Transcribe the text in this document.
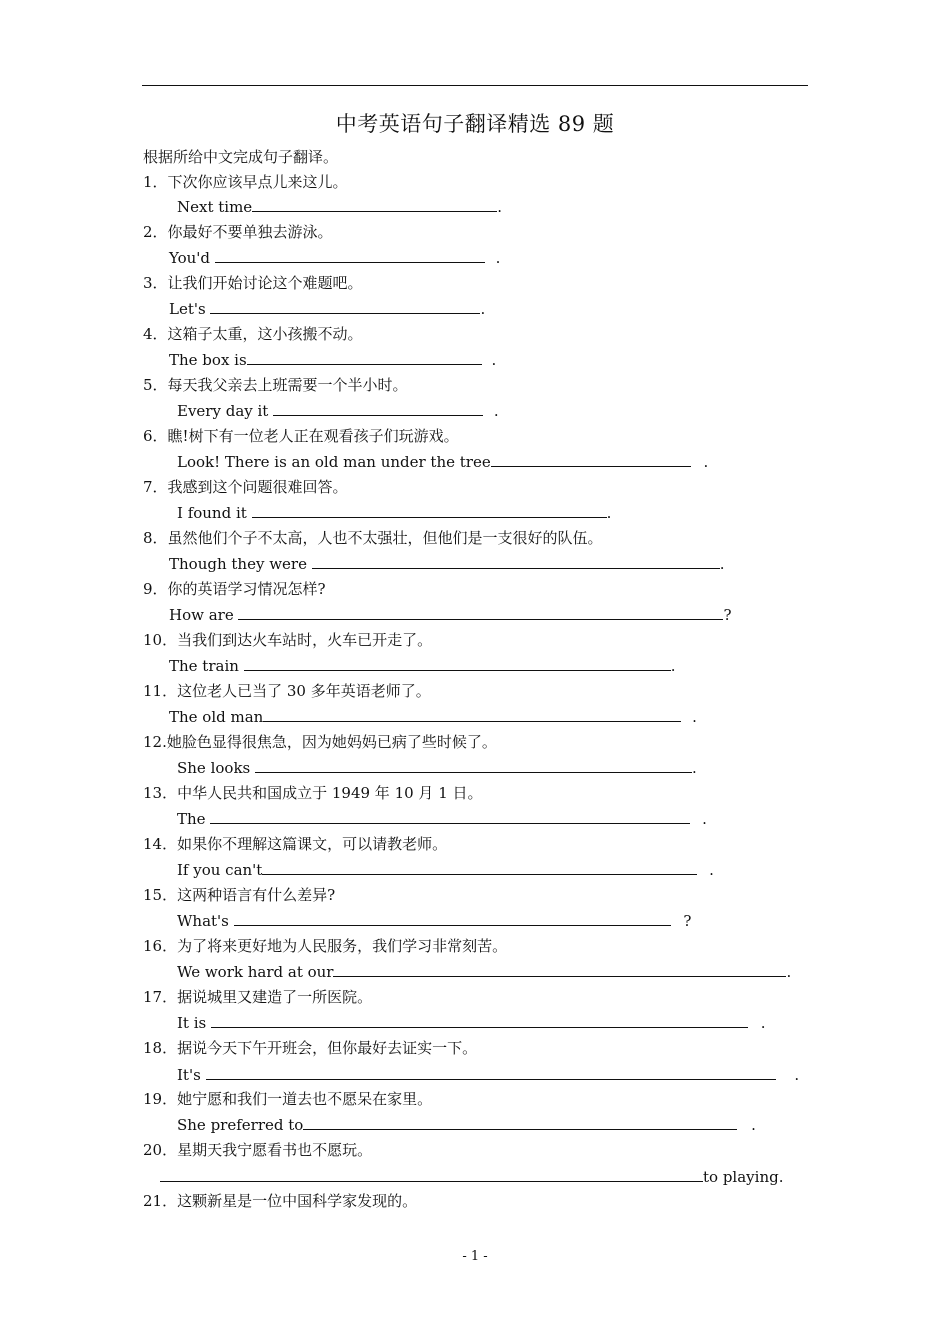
中考英语句子翻译精选 89 题
根据所给中文完成句子翻译。
1．下次你应该早点儿来这儿。
Next time	.
2．你最好不要单独去游泳。
You'd	.
3．让我们开始讨论这个难题吧。
Let's	.
4．这箱子太重，这小孩搬不动。
The box is	.
5．每天我父亲去上班需要一个半小时。
Every day it	.
6．瞧!树下有一位老人正在观看孩子们玩游戏。
Look! There is an old man under the tree	.
7．我感到这个问题很难回答。
I found it	.
8．虽然他们个子不太高，人也不太强壮，但他们是一支很好的队伍。
Though they were	.
9．你的英语学习情况怎样?
How are	?
10．当我们到达火车站时，火车已开走了。
The train	.
11．这位老人已当了 30 多年英语老师了。
The old man	.
12.她脸色显得很焦急，因为她妈妈已病了些时候了。
She looks	.
13．中华人民共和国成立于 1949 年 10 月 1 日。
The	.
14．如果你不理解这篇课文，可以请教老师。
If you can't	.
15．这两种语言有什么差异?
What's	?
16．为了将来更好地为人民服务，我们学习非常刻苦。
We work hard at our	.
17．据说城里又建造了一所医院。
It is	.
18．据说今天下午开班会，但你最好去证实一下。
It's	.
19．她宁愿和我们一道去也不愿呆在家里。
She preferred to	.
20．星期天我宁愿看书也不愿玩。
to playing.
21．这颗新星是一位中国科学家发现的。
- 1 -
